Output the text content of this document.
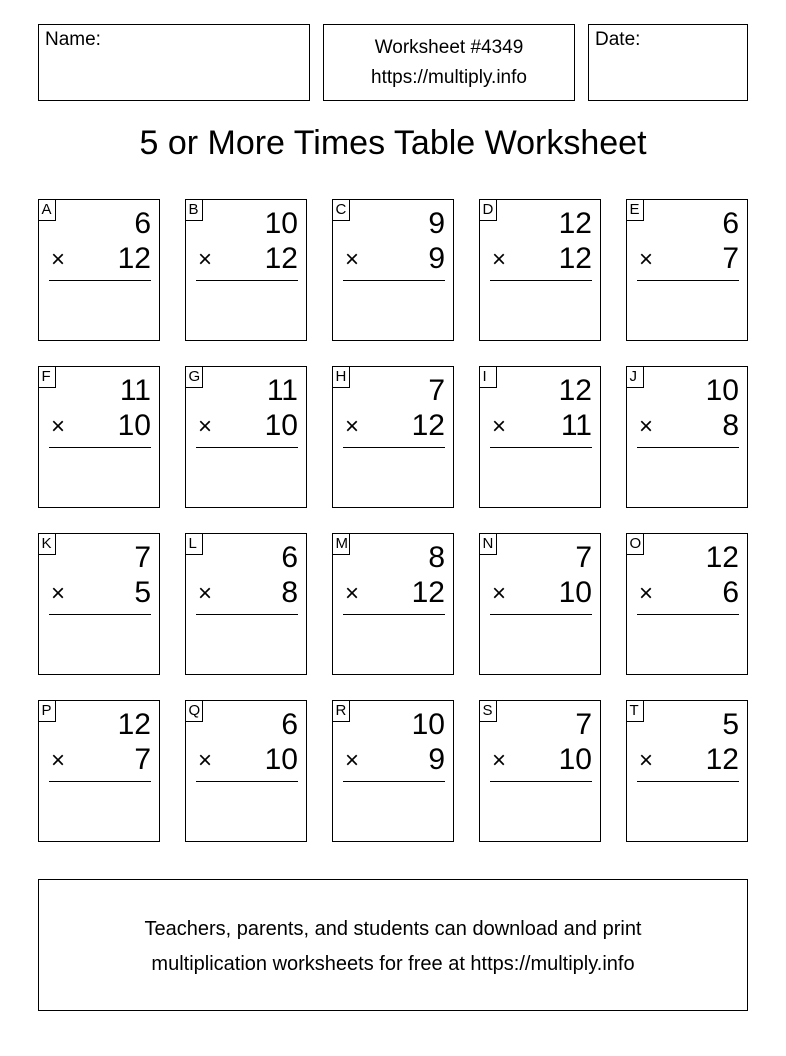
Name:	Worksheet #4349
https://multiply.info
Date:
5 or More Times Table Worksheet
A	6
× 12
B 10
× 12
C	9
× 9
D 12
× 12
E	6
× 7
F 11
× 10
G 11
× 10
H	7
× 12
I	12
× 11
J 10
× 8
K	7
× 5
L	6
× 8
M	8
× 12
N	7
× 10
O 12
× 6
P 12
× 7
Q	6
× 10
R 10
× 9
S	7
× 10
T	5
× 12
Teachers, parents, and students can download and print
multiplication worksheets for free at https://multiply.info
